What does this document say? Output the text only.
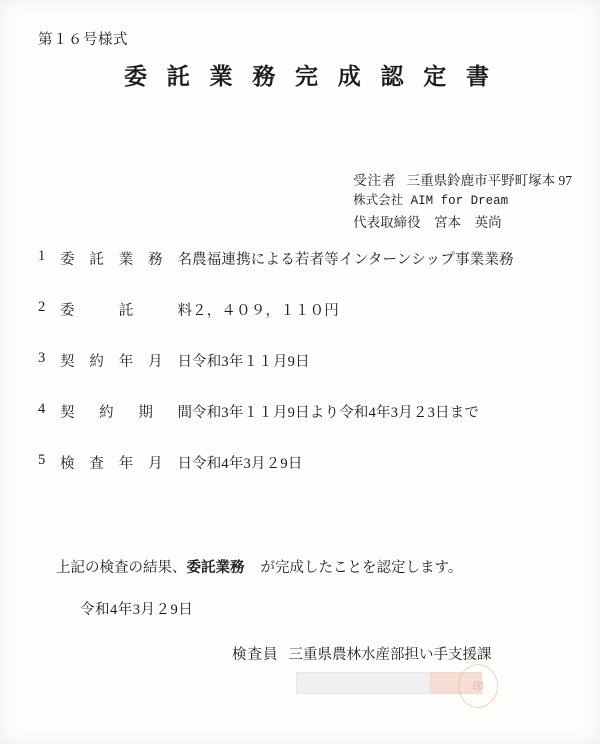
第１６号様式
委 託 業 務 完 成 認 定 書
受注者 三重県鈴鹿市平野町塚本 97
株式会社 AIM for Dream
代表取締役　宮本　英尚
1	委 託 業 務 名 農福連携による若者等インターンシップ事業業務
2	委	託	料 ２，４０９，１１０円
3	契 約 年 月 日 令和3年１１月9日
4	契 約 期 間 令和3年１１月9日より令和4年3月２3日まで
5	検 査 年 月 日 令和4年3月２9日
上記の検査の結果、委託業務 が完成したことを認定します。
令和4年3月２9日
検査員 三重県農林水産部担い手支援課
印
